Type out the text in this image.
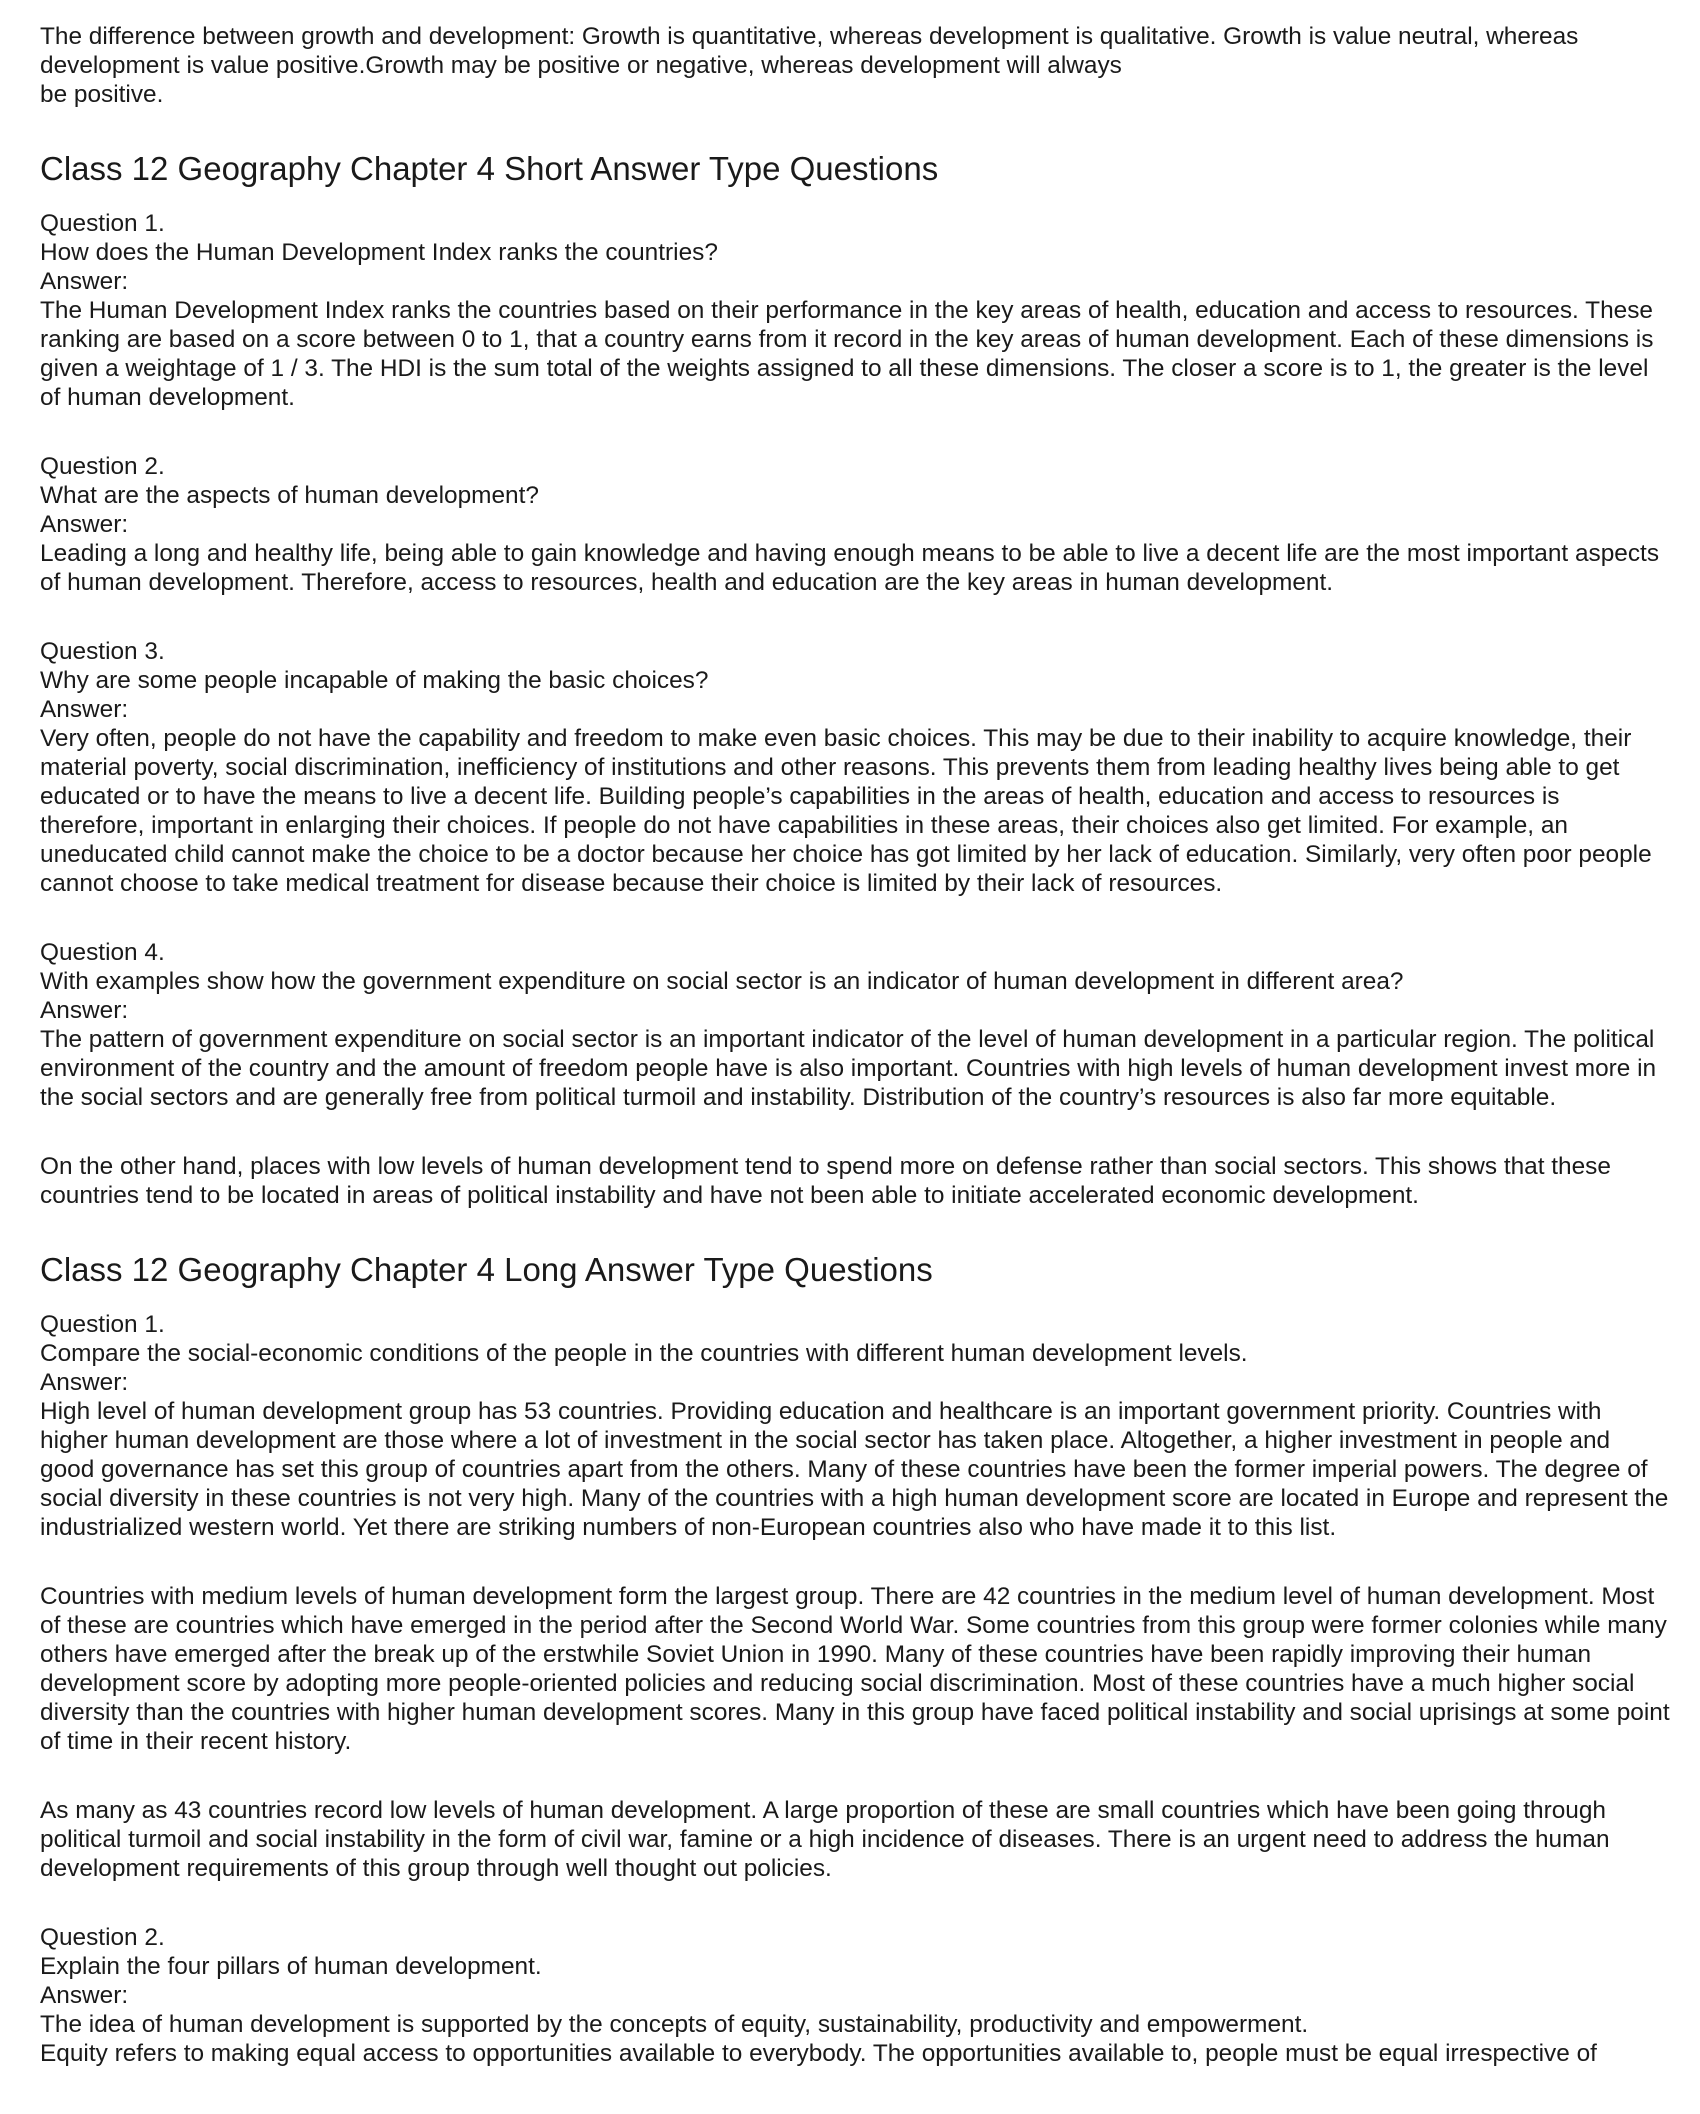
The difference between growth and development: Growth is quantitative, whereas development is qualitative. Growth is value neutral, whereas development is value positive.Growth may be positive or negative, whereas development will always
be positive.

Class 12 Geography Chapter 4 Short Answer Type Questions
Question 1.
How does the Human Development Index ranks the countries?
Answer:
The Human Development Index ranks the countries based on their performance in the key areas of health, education and access to resources. These ranking are based on a score between 0 to 1, that a country earns from it record in the key areas of human development. Each of these dimensions is given a weightage of 1 / 3. The HDI is the sum total of the weights assigned to all these dimensions. The closer a score is to 1, the greater is the level of human development.
Question 2.
What are the aspects of human development?
Answer:
Leading a long and healthy life, being able to gain knowledge and having enough means to be able to live a decent life are the most important aspects of human development. Therefore, access to resources, health and education are the key areas in human development.
Question 3.
Why are some people incapable of making the basic choices?
Answer:
Very often, people do not have the capability and freedom to make even basic choices. This may be due to their inability to acquire knowledge, their material poverty, social discrimination, inefficiency of institutions and other reasons. This prevents them from leading healthy lives being able to get educated or to have the means to live a decent life. Building people’s capabilities in the areas of health, education and access to resources is therefore, important in enlarging their choices. If people do not have capabilities in these areas, their choices also get limited. For example, an uneducated child cannot make the choice to be a doctor because her choice has got limited by her lack of education. Similarly, very often poor people cannot choose to take medical treatment for disease because their choice is limited by their lack of resources.
Question 4.
With examples show how the government expenditure on social sector is an indicator of human development in different area?
Answer:
The pattern of government expenditure on social sector is an important indicator of the level of human development in a particular region. The political environment of the country and the amount of freedom people have is also important. Countries with high levels of human development invest more in the social sectors and are generally free from political turmoil and instability. Distribution of the country’s resources is also far more equitable.

On the other hand, places with low levels of human development tend to spend more on defense rather than social sectors. This shows that these countries tend to be located in areas of political instability and have not been able to initiate accelerated economic development.

Class 12 Geography Chapter 4 Long Answer Type Questions
Question 1.
Compare the social-economic conditions of the people in the countries with different human development levels.
Answer:
High level of human development group has 53 countries. Providing education and healthcare is an important government priority. Countries with higher human development are those where a lot of investment in the social sector has taken place. Altogether, a higher investment in people and good governance has set this group of countries apart from the others. Many of these countries have been the former imperial powers. The degree of social diversity in these countries is not very high. Many of the countries with a high human development score are located in Europe and represent the industrialized western world. Yet there are striking numbers of non-European countries also who have made it to this list.

Countries with medium levels of human development form the largest group. There are 42 countries in the medium level of human development. Most of these are countries which have emerged in the period after the Second World War. Some countries from this group were former colonies while many others have emerged after the break up of the erstwhile Soviet Union in 1990. Many of these countries have been rapidly improving their human development score by adopting more people-oriented policies and reducing social discrimination. Most of these countries have a much higher social diversity than the countries with higher human development scores. Many in this group have faced political instability and social uprisings at some point of time in their recent history.

As many as 43 countries record low levels of human development. A large proportion of these are small countries which have been going through political turmoil and social instability in the form of civil war, famine or a high incidence of diseases. There is an urgent need to address the human development requirements of this group through well thought out policies.

Question 2.
Explain the four pillars of human development.
Answer:
The idea of human development is supported by the concepts of equity, sustainability, productivity and empowerment.
Equity refers to making equal access to opportunities available to everybody. The opportunities available to, people must be equal irrespective of
